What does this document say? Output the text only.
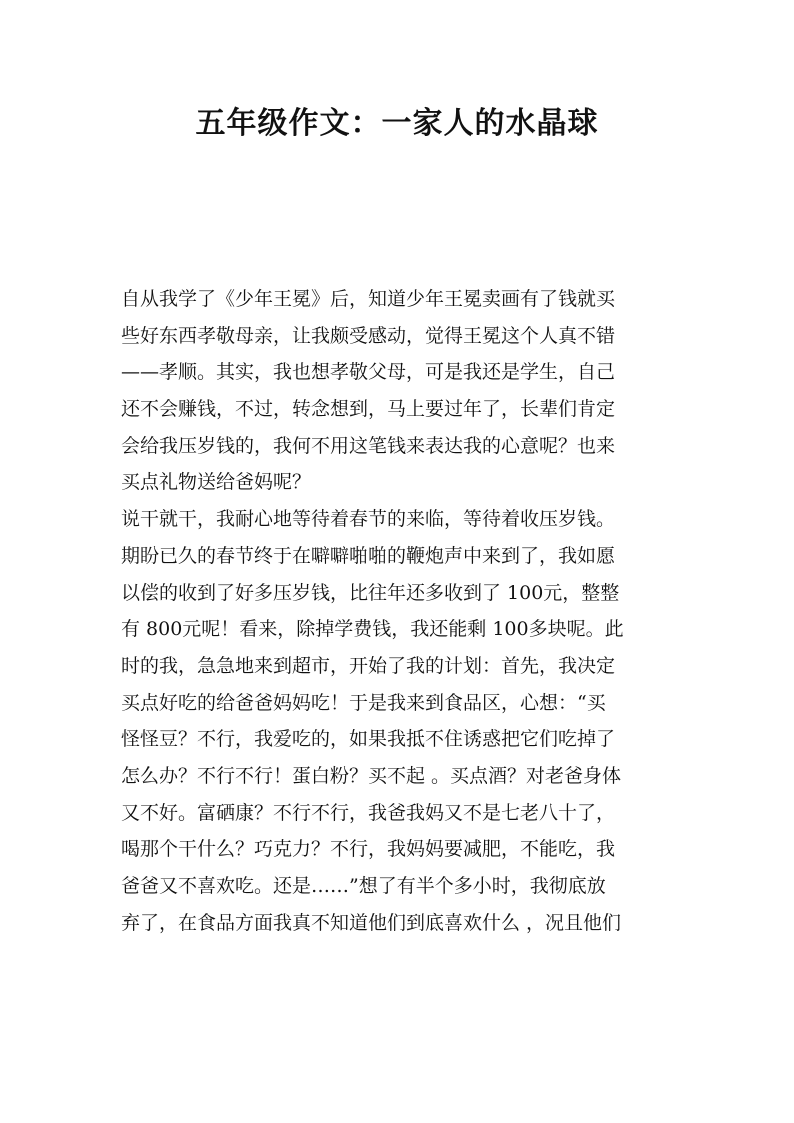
五年级作文：一家人的水晶球
自从我学了《少年王冕》后，知道少年王冕卖画有了钱就买
些好东西孝敬母亲，让我颇受感动，觉得王冕这个人真不错
——孝顺。其实，我也想孝敬父母，可是我还是学生，自己
还不会赚钱，不过，转念想到，马上要过年了，长辈们肯定
会给我压岁钱的，我何不用这笔钱来表达我的心意呢？也来
买点礼物送给爸妈呢？
说干就干，我耐心地等待着春节的来临，等待着收压岁钱。
期盼已久的春节终于在噼噼啪啪的鞭炮声中来到了，我如愿
以偿的收到了好多压岁钱，比往年还多收到了 100元，整整
有 800元呢！看来，除掉学费钱，我还能剩 100多块呢。此
时的我，急急地来到超市，开始了我的计划：首先，我决定
买点好吃的给爸爸妈妈吃！于是我来到食品区，心想：“买
怪怪豆？不行，我爱吃的，如果我抵不住诱惑把它们吃掉了
怎么办？不行不行！蛋白粉？买不起 。买点酒？对老爸身体
又不好。富硒康？不行不行，我爸我妈又不是七老八十了，
喝那个干什么？巧克力？不行，我妈妈要减肥，不能吃，我
爸爸又不喜欢吃。还是……”想了有半个多小时，我彻底放
弃了，在食品方面我真不知道他们到底喜欢什么 ，况且他们
